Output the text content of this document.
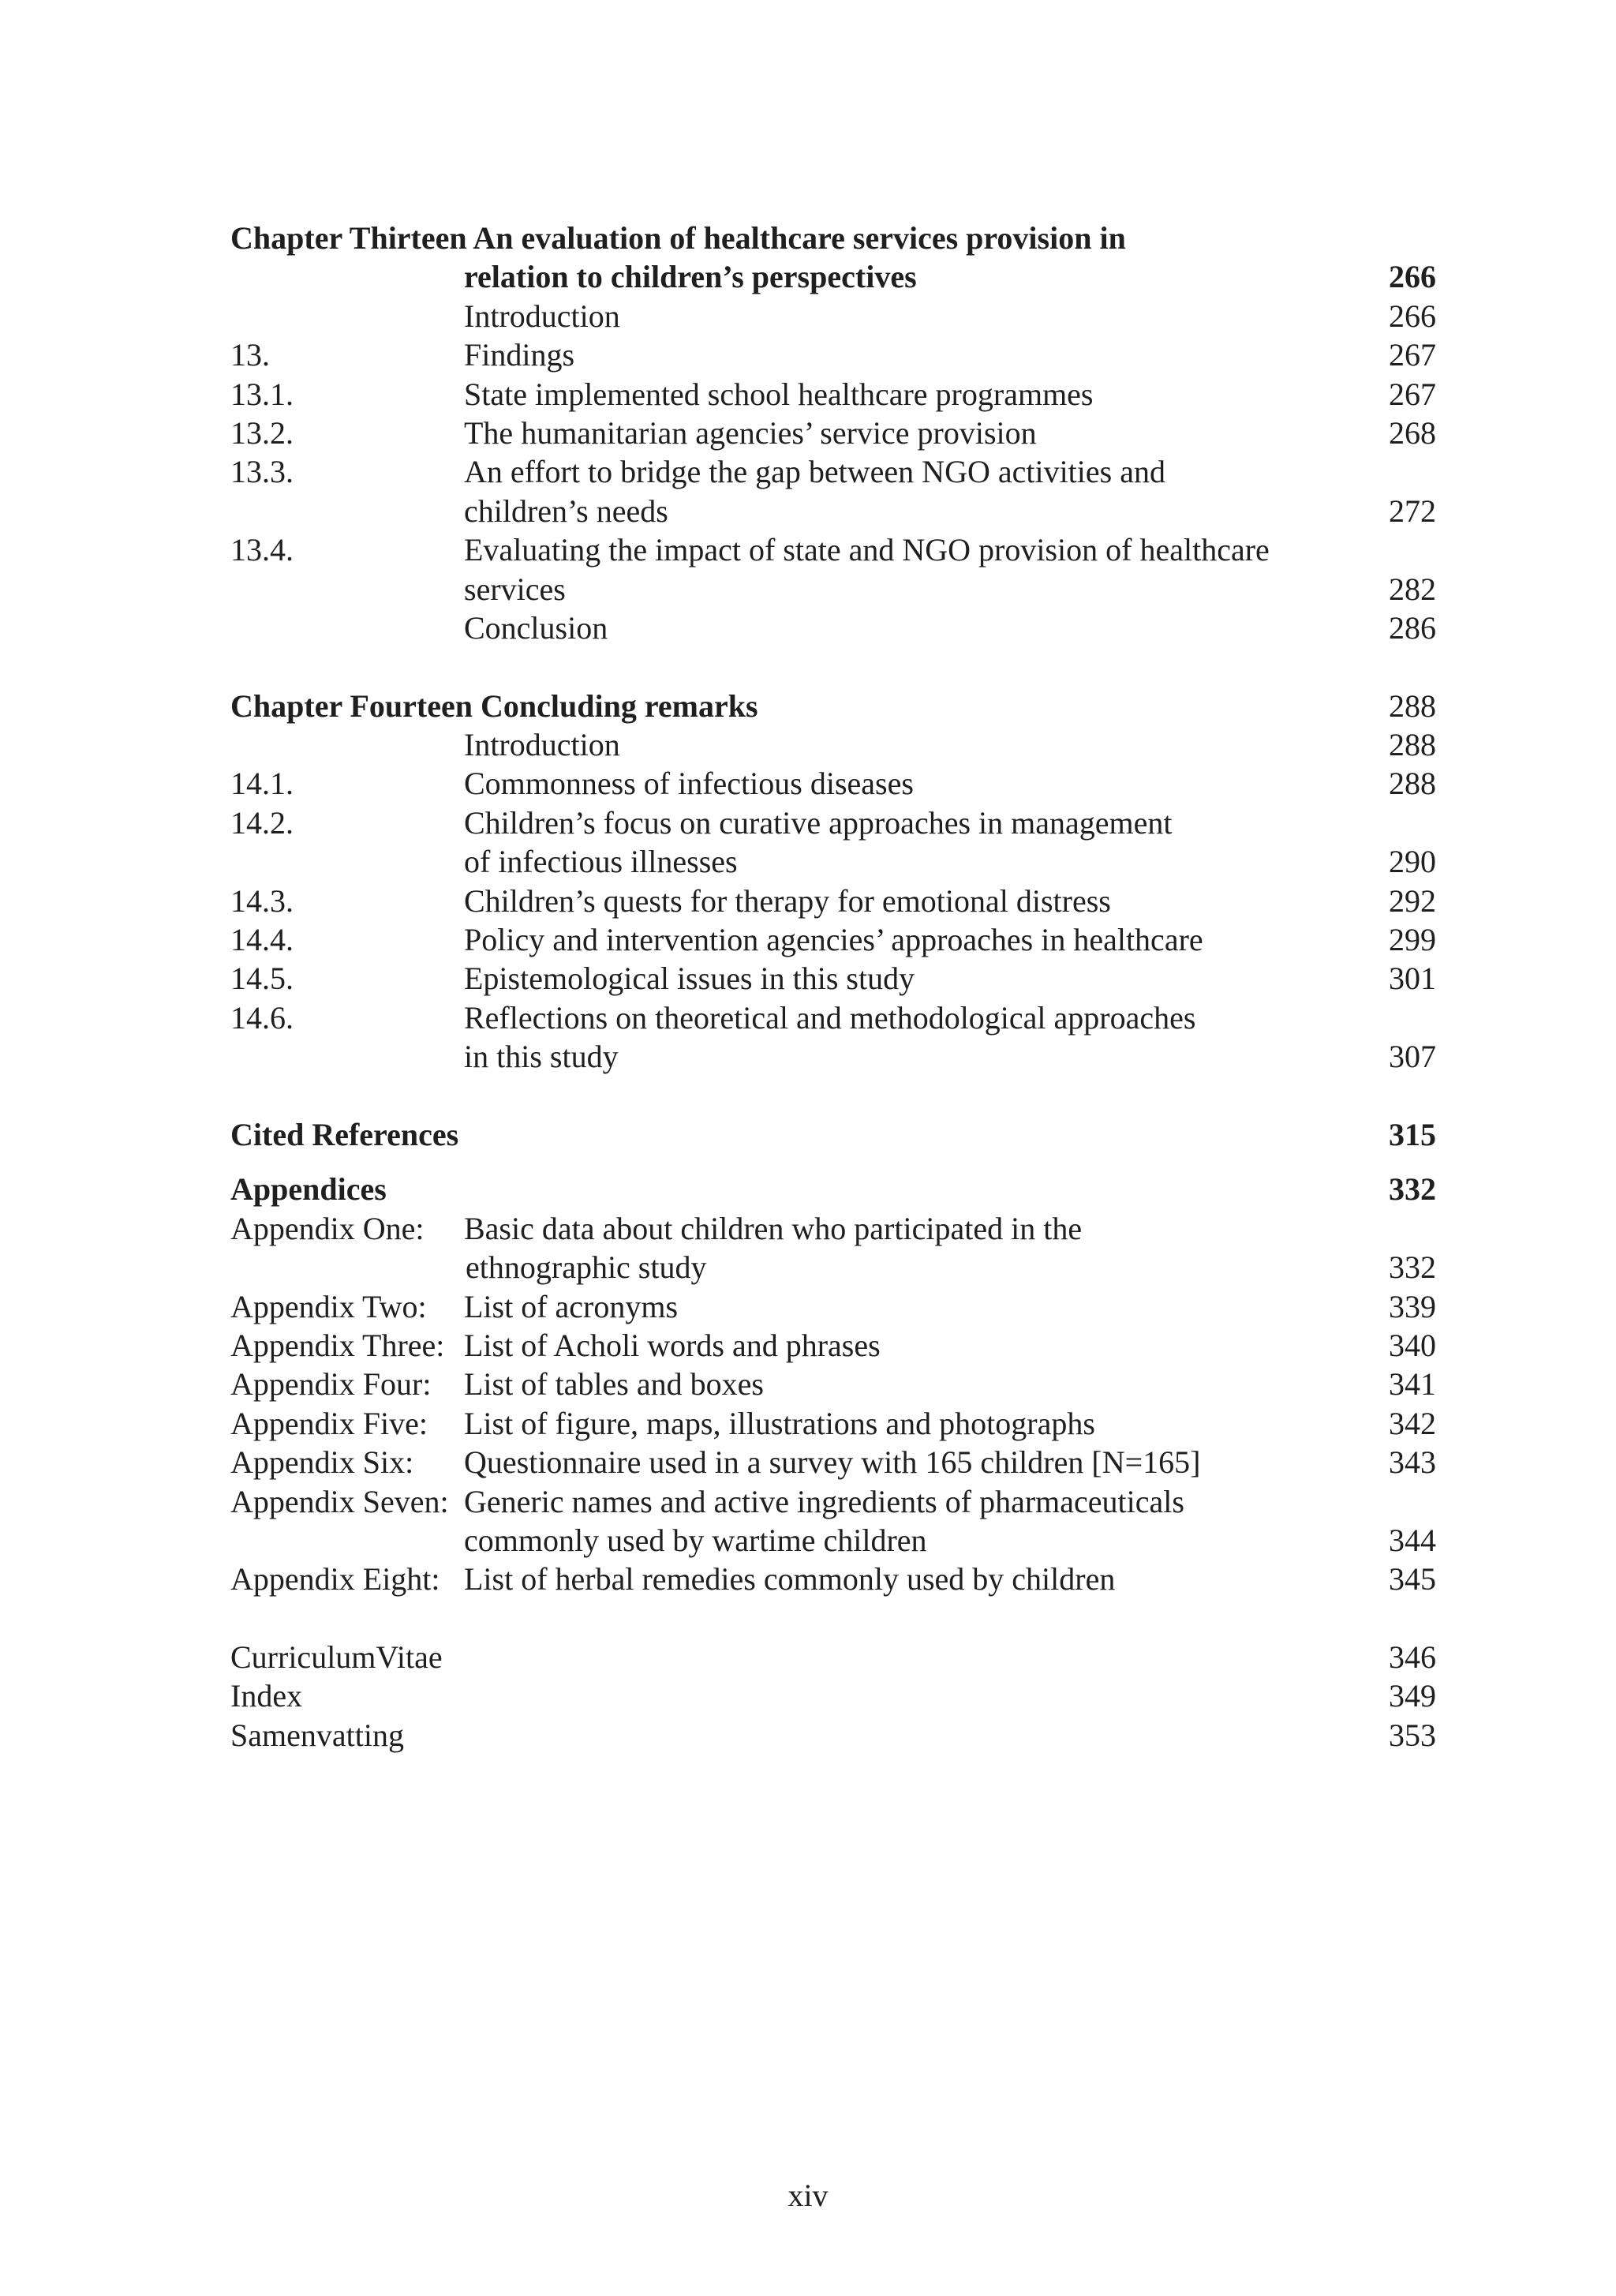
Chapter Thirteen An evaluation of healthcare services provision in
relation to children’s perspectives	266
Introduction	266
13.	Findings	267
13.1.	State implemented school healthcare programmes	267
13.2.	The humanitarian agencies’ service provision	268
13.3.	An effort to bridge the gap between NGO activities and
children’s needs	272
13.4.	Evaluating the impact of state and NGO provision of healthcare
services	282
Conclusion	286
Chapter Fourteen Concluding remarks	288
Introduction	288
14.1.	Commonness of infectious diseases	288
14.2.	Children’s focus on curative approaches in management
of infectious illnesses	290
14.3.	Children’s quests for therapy for emotional distress	292
14.4.	Policy and intervention agencies’ approaches in healthcare	299
14.5.	Epistemological issues in this study	301
14.6.	Reflections on theoretical and methodological approaches
in this study	307
Cited References	315
Appendices	332
Appendix One: Basic data about children who participated in the
ethnographic study	332
Appendix Two: List of acronyms	339
Appendix Three: List of Acholi words and phrases	340
Appendix Four: List of tables and boxes	341
Appendix Five: List of figure, maps, illustrations and photographs	342
Appendix Six: Questionnaire used in a survey with 165 children [N=165]	343
Appendix Seven: Generic names and active ingredients of pharmaceuticals
commonly used by wartime children	344
Appendix Eight: List of herbal remedies commonly used by children	345
CurriculumVitae	346
Index	349
Samenvatting	353
xiv
